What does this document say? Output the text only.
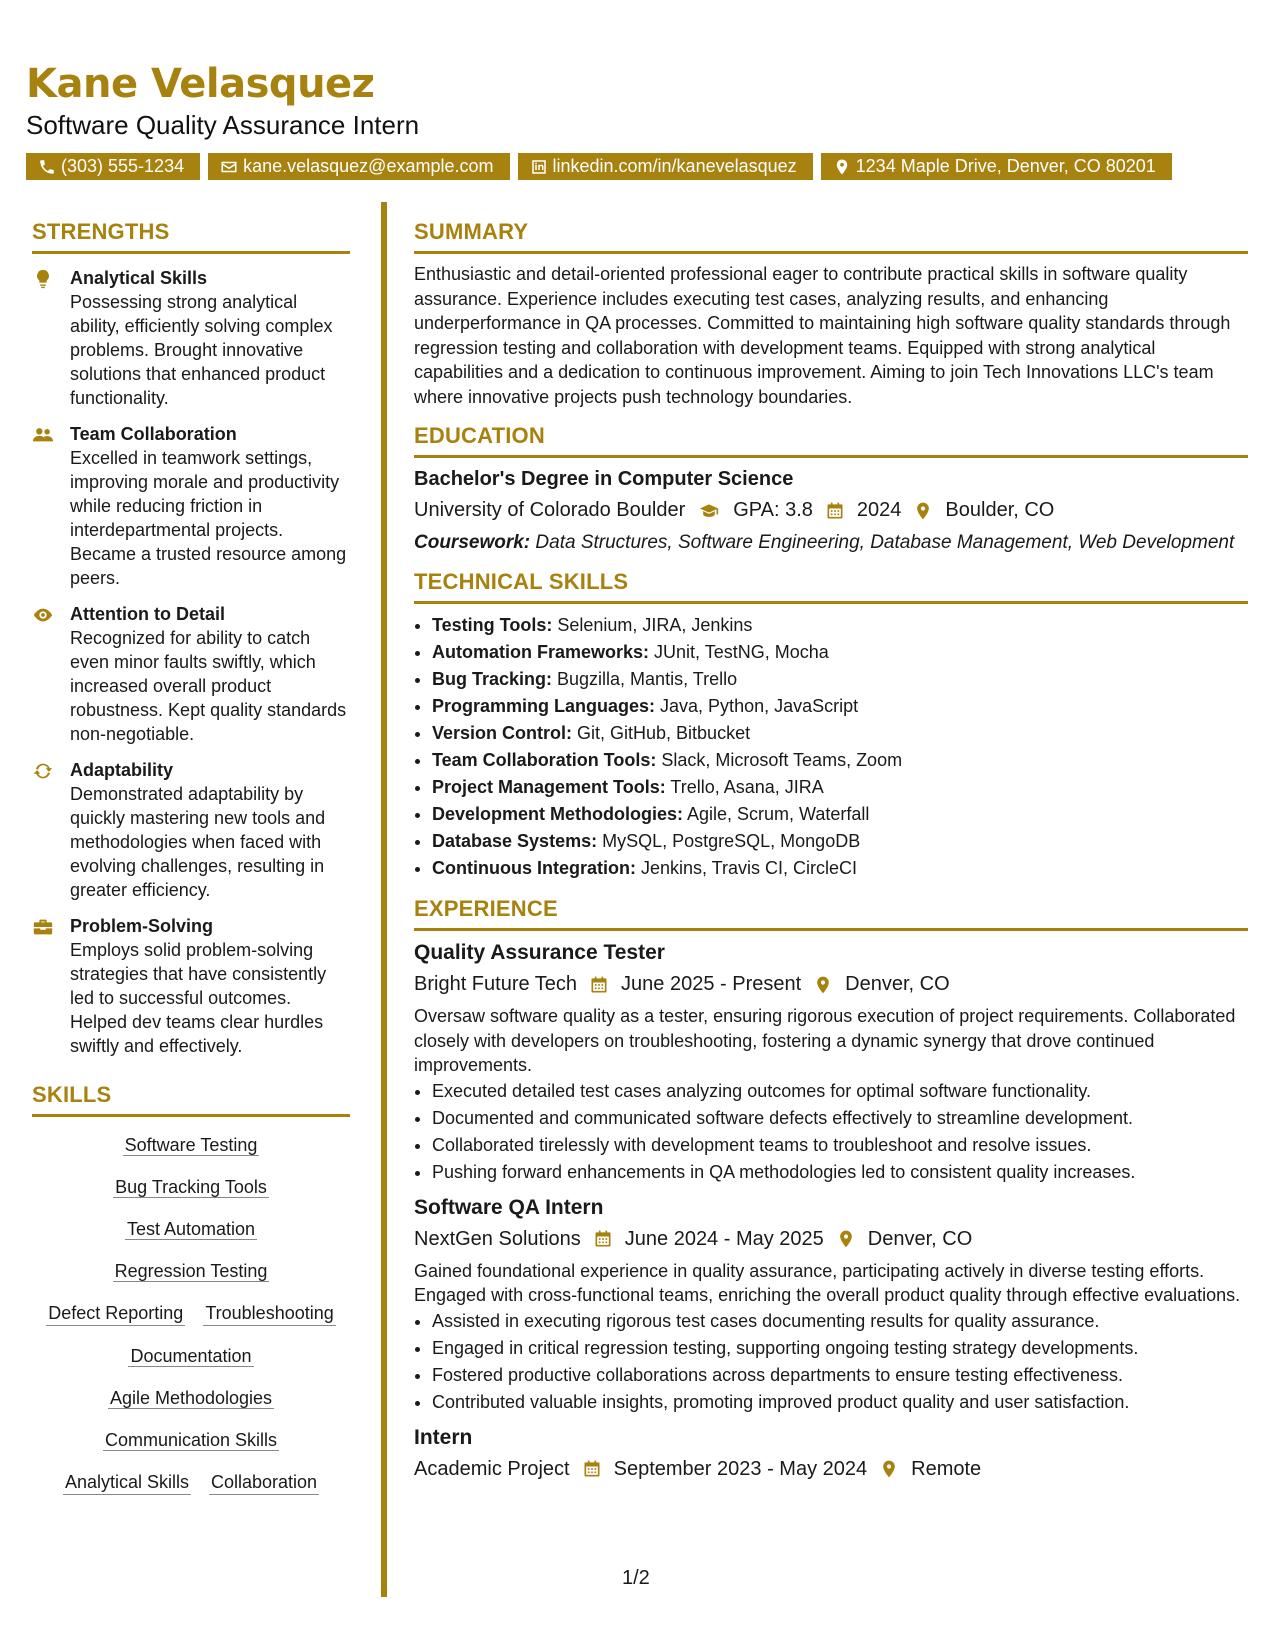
Kane Velasquez
Software Quality Assurance Intern
(303) 555-1234	kane.velasquez@example.com	linkedin.com/in/kanevelasquez	1234 Maple Drive, Denver, CO 80201
STRENGTHS
Analytical Skills
Possessing strong analytical ability, efficiently solving complex problems. Brought innovative solutions that enhanced product functionality.
Team Collaboration
Excelled in teamwork settings, improving morale and productivity while reducing friction in interdepartmental projects. Became a trusted resource among peers.
Attention to Detail
Recognized for ability to catch even minor faults swiftly, which increased overall product robustness. Kept quality standards non-negotiable.
Adaptability
Demonstrated adaptability by quickly mastering new tools and methodologies when faced with evolving challenges, resulting in greater efficiency.
Problem-Solving
Employs solid problem-solving strategies that have consistently led to successful outcomes. Helped dev teams clear hurdles swiftly and effectively.
SKILLS
Software Testing
Bug Tracking Tools
Test Automation
Regression Testing
Defect Reporting Troubleshooting
Documentation
Agile Methodologies
Communication Skills
Analytical Skills Collaboration
SUMMARY
Enthusiastic and detail-oriented professional eager to contribute practical skills in software quality assurance. Experience includes executing test cases, analyzing results, and enhancing underperformance in QA processes. Committed to maintaining high software quality standards through regression testing and collaboration with development teams. Equipped with strong analytical capabilities and a dedication to continuous improvement. Aiming to join Tech Innovations LLC's team where innovative projects push technology boundaries.
EDUCATION
Bachelor's Degree in Computer Science
University of Colorado Boulder GPA: 3.8 2024 Boulder, CO
Coursework: Data Structures, Software Engineering, Database Management, Web Development
TECHNICAL SKILLS
• Testing Tools: Selenium, JIRA, Jenkins
• Automation Frameworks: JUnit, TestNG, Mocha
• Bug Tracking: Bugzilla, Mantis, Trello
• Programming Languages: Java, Python, JavaScript
• Version Control: Git, GitHub, Bitbucket
• Team Collaboration Tools: Slack, Microsoft Teams, Zoom
• Project Management Tools: Trello, Asana, JIRA
• Development Methodologies: Agile, Scrum, Waterfall
• Database Systems: MySQL, PostgreSQL, MongoDB
• Continuous Integration: Jenkins, Travis CI, CircleCI
EXPERIENCE
Quality Assurance Tester
Bright Future Tech June 2025 - Present Denver, CO
Oversaw software quality as a tester, ensuring rigorous execution of project requirements. Collaborated closely with developers on troubleshooting, fostering a dynamic synergy that drove continued improvements.
• Executed detailed test cases analyzing outcomes for optimal software functionality.
• Documented and communicated software defects effectively to streamline development.
• Collaborated tirelessly with development teams to troubleshoot and resolve issues.
• Pushing forward enhancements in QA methodologies led to consistent quality increases.
Software QA Intern
NextGen Solutions June 2024 - May 2025 Denver, CO
Gained foundational experience in quality assurance, participating actively in diverse testing efforts. Engaged with cross-functional teams, enriching the overall product quality through effective evaluations.
• Assisted in executing rigorous test cases documenting results for quality assurance.
• Engaged in critical regression testing, supporting ongoing testing strategy developments.
• Fostered productive collaborations across departments to ensure testing effectiveness.
• Contributed valuable insights, promoting improved product quality and user satisfaction.
Intern
Academic Project September 2023 - May 2024 Remote
1/2
